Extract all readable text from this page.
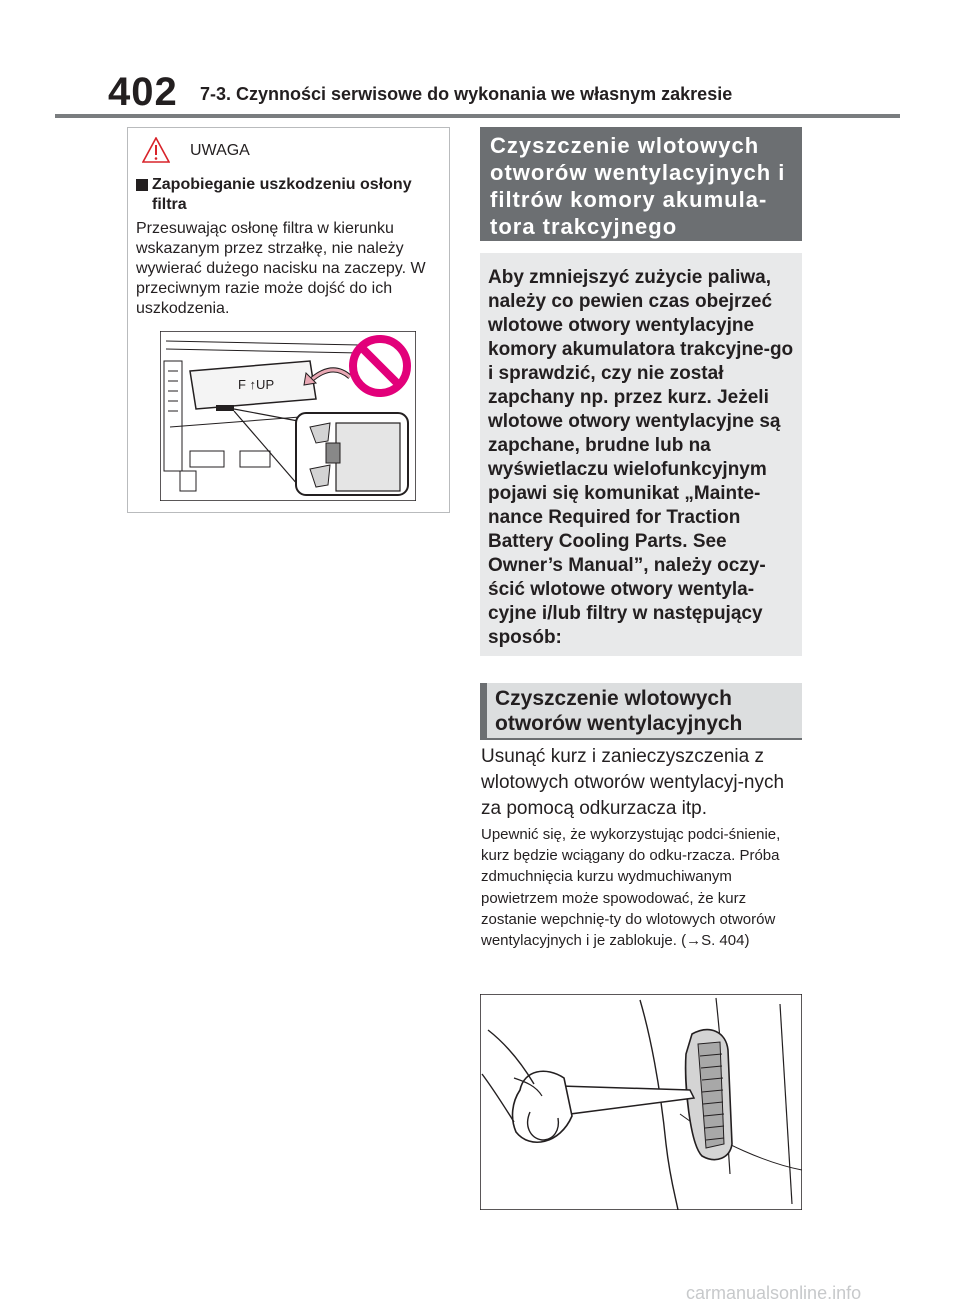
402 7-3. Czynności serwisowe do wykonania we własnym zakresie
UWAGA
Zapobieganie uszkodzeniu osłony filtra
Przesuwając osłonę filtra w kierunku wskazanym przez strzałkę, nie należy wywierać dużego nacisku na zaczepy. W przeciwnym razie może dojść do ich uszkodzenia.
F ↑UP
Czyszczenie wlotowych otworów wentylacyjnych i filtrów komory akumula-tora trakcyjnego
Aby zmniejszyć zużycie paliwa, należy co pewien czas obejrzeć wlotowe otwory wentylacyjne komory akumulatora trakcyjne-go i sprawdzić, czy nie został zapchany np. przez kurz. Jeżeli wlotowe otwory wentylacyjne są zapchane, brudne lub na wyświetlaczu wielofunkcyjnym pojawi się komunikat „Mainte-nance Required for Traction Battery Cooling Parts. See Owner’s Manual”, należy oczy-ścić wlotowe otwory wentyla-cyjne i/lub filtry w następujący sposób:
Czyszczenie wlotowych otworów wentylacyjnych
Usunąć kurz i zanieczyszczenia z wlotowych otworów wentylacyj-nych za pomocą odkurzacza itp.
Upewnić się, że wykorzystując podci-śnienie, kurz będzie wciągany do odku-rzacza. Próba zdmuchnięcia kurzu wydmuchiwanym powietrzem może spowodować, że kurz zostanie wepchnię-ty do wlotowych otworów wentylacyjnych i je zablokuje. (→S. 404)
carmanualsonline.info
